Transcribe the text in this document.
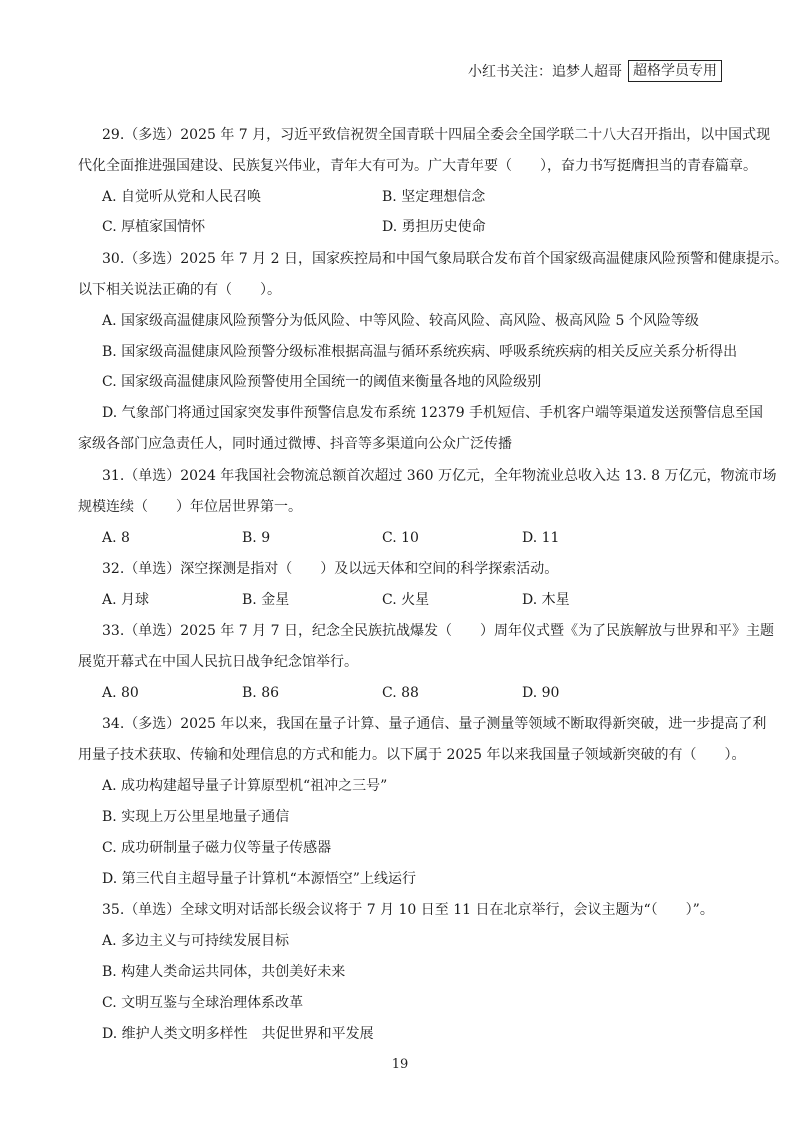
小红书关注：追梦人超哥 超格学员专用
29.（多选）2025 年 7 月，习近平致信祝贺全国青联十四届全委会全国学联二十八大召开指出，以中国式现
代化全面推进强国建设、民族复兴伟业，青年大有可为。广大青年要（　　），奋力书写挺膺担当的青春篇章。
A. 自觉听从党和人民召唤	B. 坚定理想信念
C. 厚植家国情怀	D. 勇担历史使命
30.（多选）2025 年 7 月 2 日，国家疾控局和中国气象局联合发布首个国家级高温健康风险预警和健康提示。
以下相关说法正确的有（　　）。
A. 国家级高温健康风险预警分为低风险、中等风险、较高风险、高风险、极高风险 5 个风险等级
B. 国家级高温健康风险预警分级标准根据高温与循环系统疾病、呼吸系统疾病的相关反应关系分析得出
C. 国家级高温健康风险预警使用全国统一的阈值来衡量各地的风险级别
D. 气象部门将通过国家突发事件预警信息发布系统 12379 手机短信、手机客户端等渠道发送预警信息至国
家级各部门应急责任人，同时通过微博、抖音等多渠道向公众广泛传播
31.（单选）2024 年我国社会物流总额首次超过 360 万亿元，全年物流业总收入达 13. 8 万亿元，物流市场
规模连续（　　）年位居世界第一。
A. 8	B. 9	C. 10	D. 11
32.（单选）深空探测是指对（　　）及以远天体和空间的科学探索活动。
A. 月球	B. 金星	C. 火星	D. 木星
33.（单选）2025 年 7 月 7 日，纪念全民族抗战爆发（　　）周年仪式暨《为了民族解放与世界和平》主题
展览开幕式在中国人民抗日战争纪念馆举行。
A. 80	B. 86	C. 88	D. 90
34.（多选）2025 年以来，我国在量子计算、量子通信、量子测量等领域不断取得新突破，进一步提高了利
用量子技术获取、传输和处理信息的方式和能力。以下属于 2025 年以来我国量子领域新突破的有（　　）。
A. 成功构建超导量子计算原型机“祖冲之三号”
B. 实现上万公里星地量子通信
C. 成功研制量子磁力仪等量子传感器
D. 第三代自主超导量子计算机“本源悟空”上线运行
35.（单选）全球文明对话部长级会议将于 7 月 10 日至 11 日在北京举行，会议主题为“（　　）”。
A. 多边主义与可持续发展目标
B. 构建人类命运共同体，共创美好未来
C. 文明互鉴与全球治理体系改革
D. 维护人类文明多样性　共促世界和平发展
19
